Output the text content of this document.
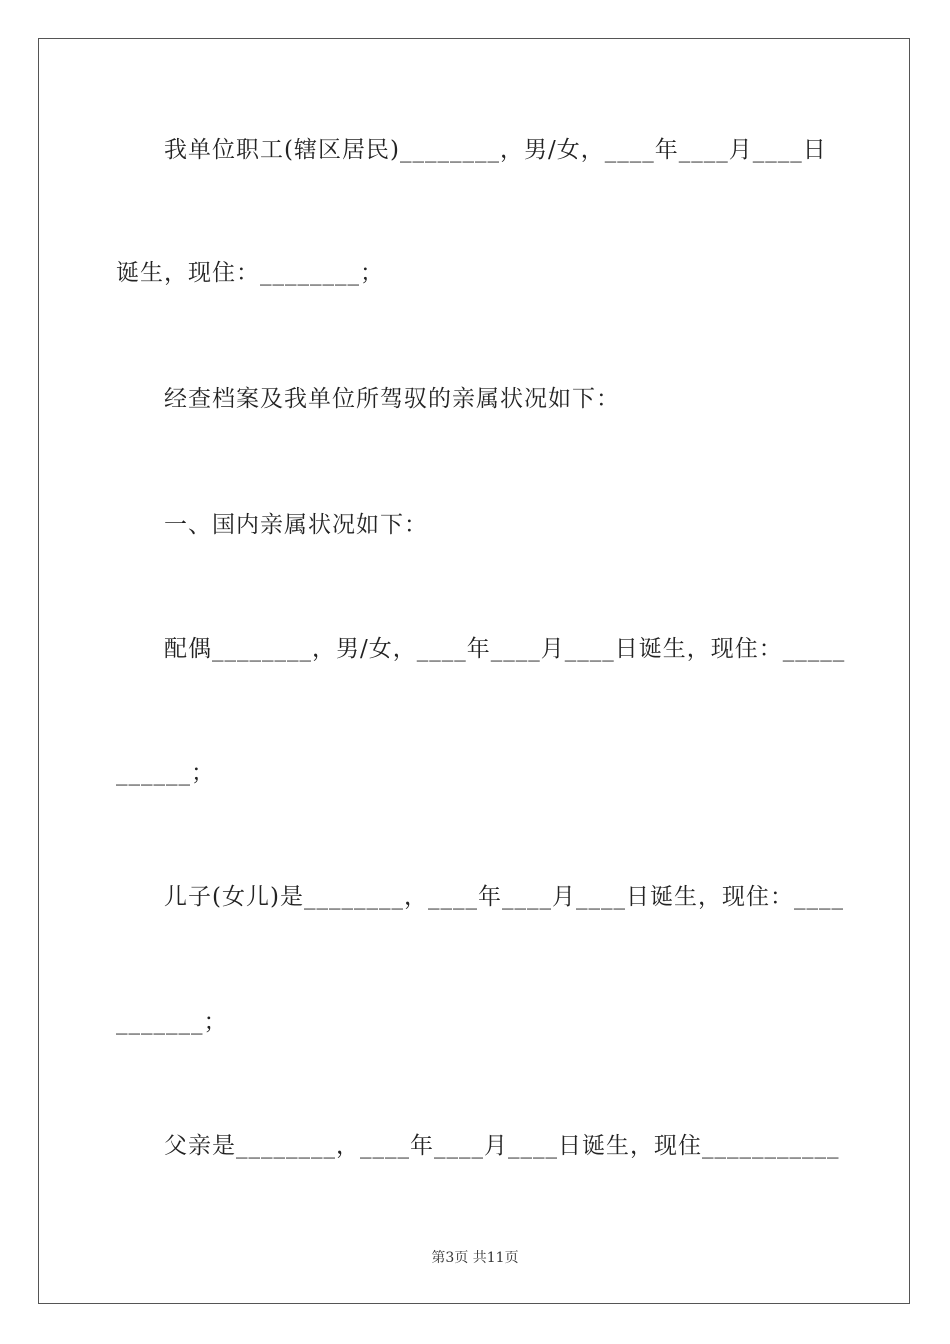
我单位职工(辖区居民)________，男/女，____年____月____日
诞生，现住：________；
经查档案及我单位所驾驭的亲属状况如下：
一、国内亲属状况如下：
配偶________，男/女，____年____月____日诞生，现住：_____
______；
儿子(女儿)是________，____年____月____日诞生，现住：____
_______；
父亲是________，____年____月____日诞生，现住___________
第3页 共11页
